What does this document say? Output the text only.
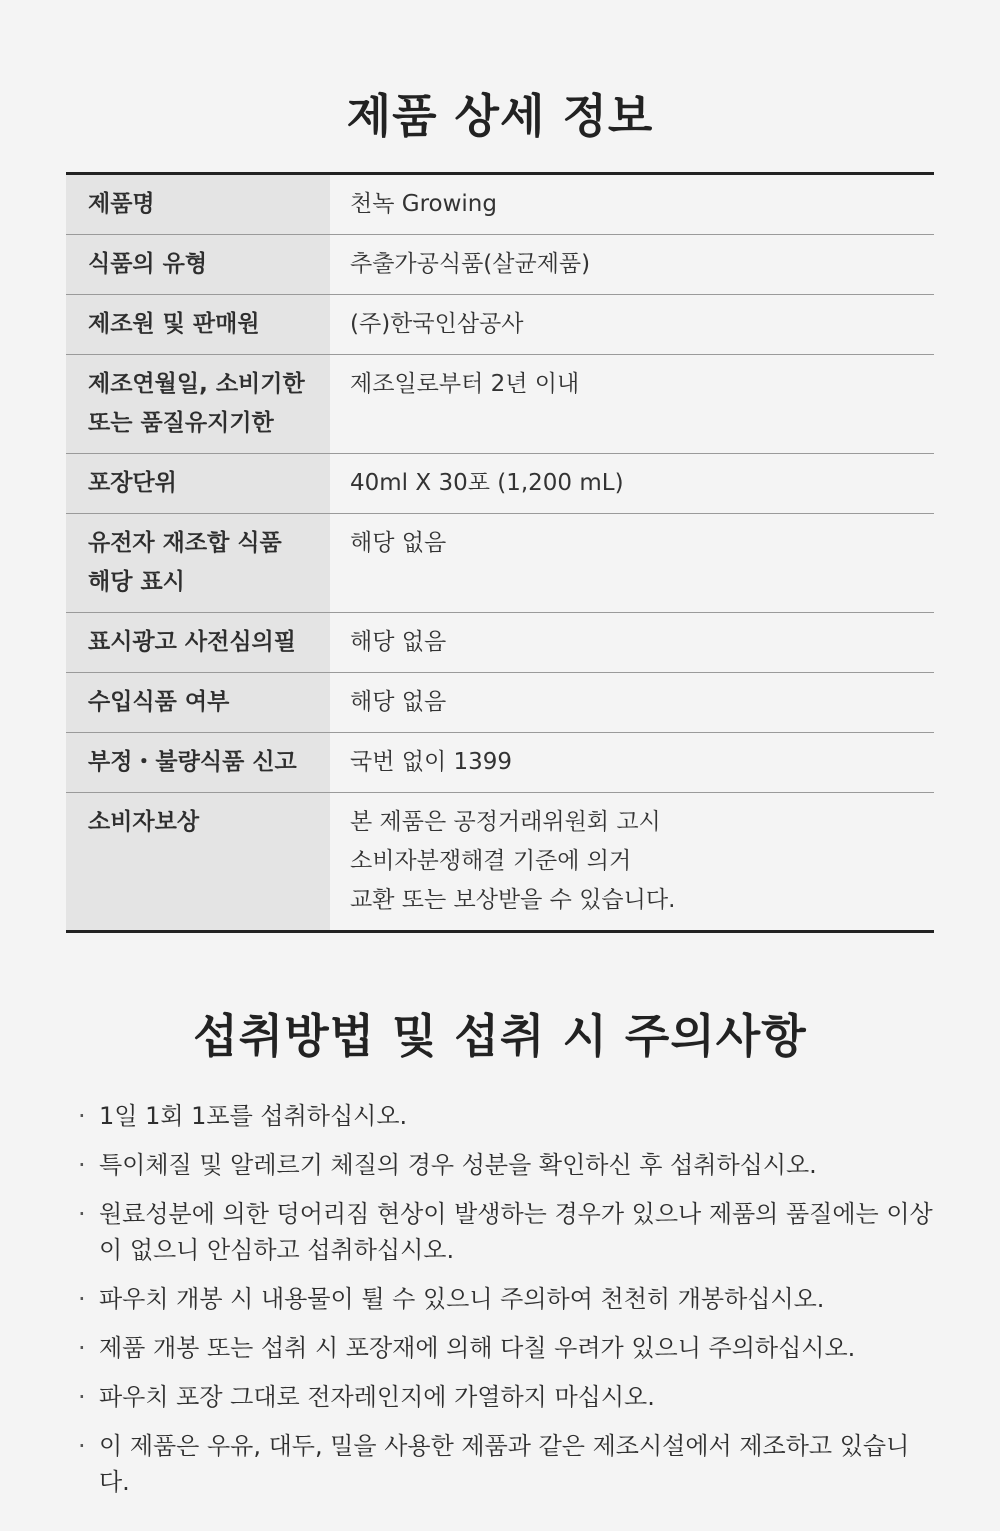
제품 상세 정보
제품명	천녹 Growing
식품의 유형	추출가공식품(살균제품)
제조원 및 판매원	(주)한국인삼공사
제조연월일, 소비기한
또는 품질유지기한	제조일로부터 2년 이내
포장단위	40ml X 30포 (1,200 mL)
유전자 재조합 식품
해당 표시	해당 없음
표시광고 사전심의필	해당 없음
수입식품 여부	해당 없음
부정・불량식품 신고	국번 없이 1399
소비자보상	본 제품은 공정거래위원회 고시
소비자분쟁해결 기준에 의거
교환 또는 보상받을 수 있습니다.
섭취방법 및 섭취 시 주의사항
· 1일 1회 1포를 섭취하십시오.
· 특이체질 및 알레르기 체질의 경우 성분을 확인하신 후 섭취하십시오.
· 원료성분에 의한 덩어리짐 현상이 발생하는 경우가 있으나 제품의 품질에는 이상이 없으니 안심하고 섭취하십시오.
· 파우치 개봉 시 내용물이 튈 수 있으니 주의하여 천천히 개봉하십시오.
· 제품 개봉 또는 섭취 시 포장재에 의해 다칠 우려가 있으니 주의하십시오.
· 파우치 포장 그대로 전자레인지에 가열하지 마십시오.
· 이 제품은 우유, 대두, 밀을 사용한 제품과 같은 제조시설에서 제조하고 있습니다.
